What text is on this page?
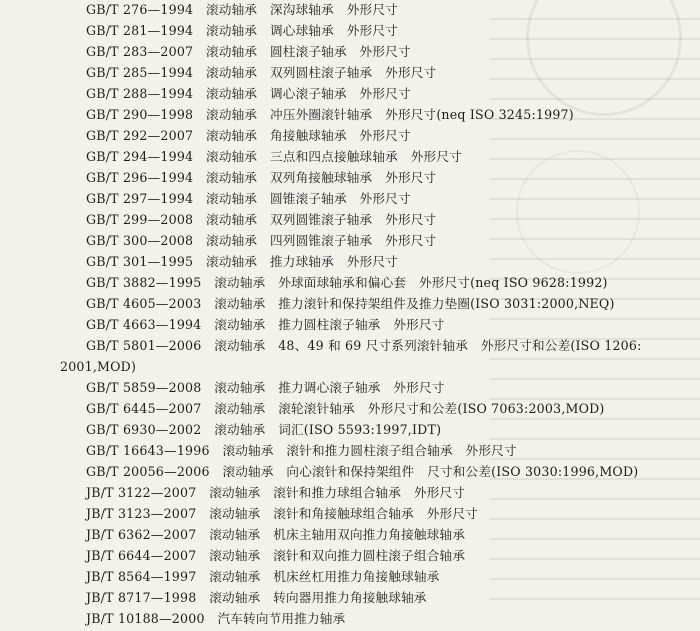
GB/T 276—1994　滚动轴承　深沟球轴承　外形尺寸
GB/T 281—1994　滚动轴承　调心球轴承　外形尺寸
GB/T 283—2007　滚动轴承　圆柱滚子轴承　外形尺寸
GB/T 285—1994　滚动轴承　双列圆柱滚子轴承　外形尺寸
GB/T 288—1994　滚动轴承　调心滚子轴承　外形尺寸
GB/T 290—1998　滚动轴承　冲压外圈滚针轴承　外形尺寸(neq ISO 3245:1997)
GB/T 292—2007　滚动轴承　角接触球轴承　外形尺寸
GB/T 294—1994　滚动轴承　三点和四点接触球轴承　外形尺寸
GB/T 296—1994　滚动轴承　双列角接触球轴承　外形尺寸
GB/T 297—1994　滚动轴承　圆锥滚子轴承　外形尺寸
GB/T 299—2008　滚动轴承　双列圆锥滚子轴承　外形尺寸
GB/T 300—2008　滚动轴承　四列圆锥滚子轴承　外形尺寸
GB/T 301—1995　滚动轴承　推力球轴承　外形尺寸
GB/T 3882—1995　滚动轴承　外球面球轴承和偏心套　外形尺寸(neq ISO 9628:1992)
GB/T 4605—2003　滚动轴承　推力滚针和保持架组件及推力垫圈(ISO 3031:2000,NEQ)
GB/T 4663—1994　滚动轴承　推力圆柱滚子轴承　外形尺寸
GB/T 5801—2006　滚动轴承　48、49 和 69 尺寸系列滚针轴承　外形尺寸和公差(ISO 1206:
2001,MOD)
GB/T 5859—2008　滚动轴承　推力调心滚子轴承　外形尺寸
GB/T 6445—2007　滚动轴承　滚轮滚针轴承　外形尺寸和公差(ISO 7063:2003,MOD)
GB/T 6930—2002　滚动轴承　词汇(ISO 5593:1997,IDT)
GB/T 16643—1996　滚动轴承　滚针和推力圆柱滚子组合轴承　外形尺寸
GB/T 20056—2006　滚动轴承　向心滚针和保持架组件　尺寸和公差(ISO 3030:1996,MOD)
JB/T 3122—2007　滚动轴承　滚针和推力球组合轴承　外形尺寸
JB/T 3123—2007　滚动轴承　滚针和角接触球组合轴承　外形尺寸
JB/T 6362—2007　滚动轴承　机床主轴用双向推力角接触球轴承
JB/T 6644—2007　滚动轴承　滚针和双向推力圆柱滚子组合轴承
JB/T 8564—1997　滚动轴承　机床丝杠用推力角接触球轴承
JB/T 8717—1998　滚动轴承　转向器用推力角接触球轴承
JB/T 10188—2000　汽车转向节用推力轴承
